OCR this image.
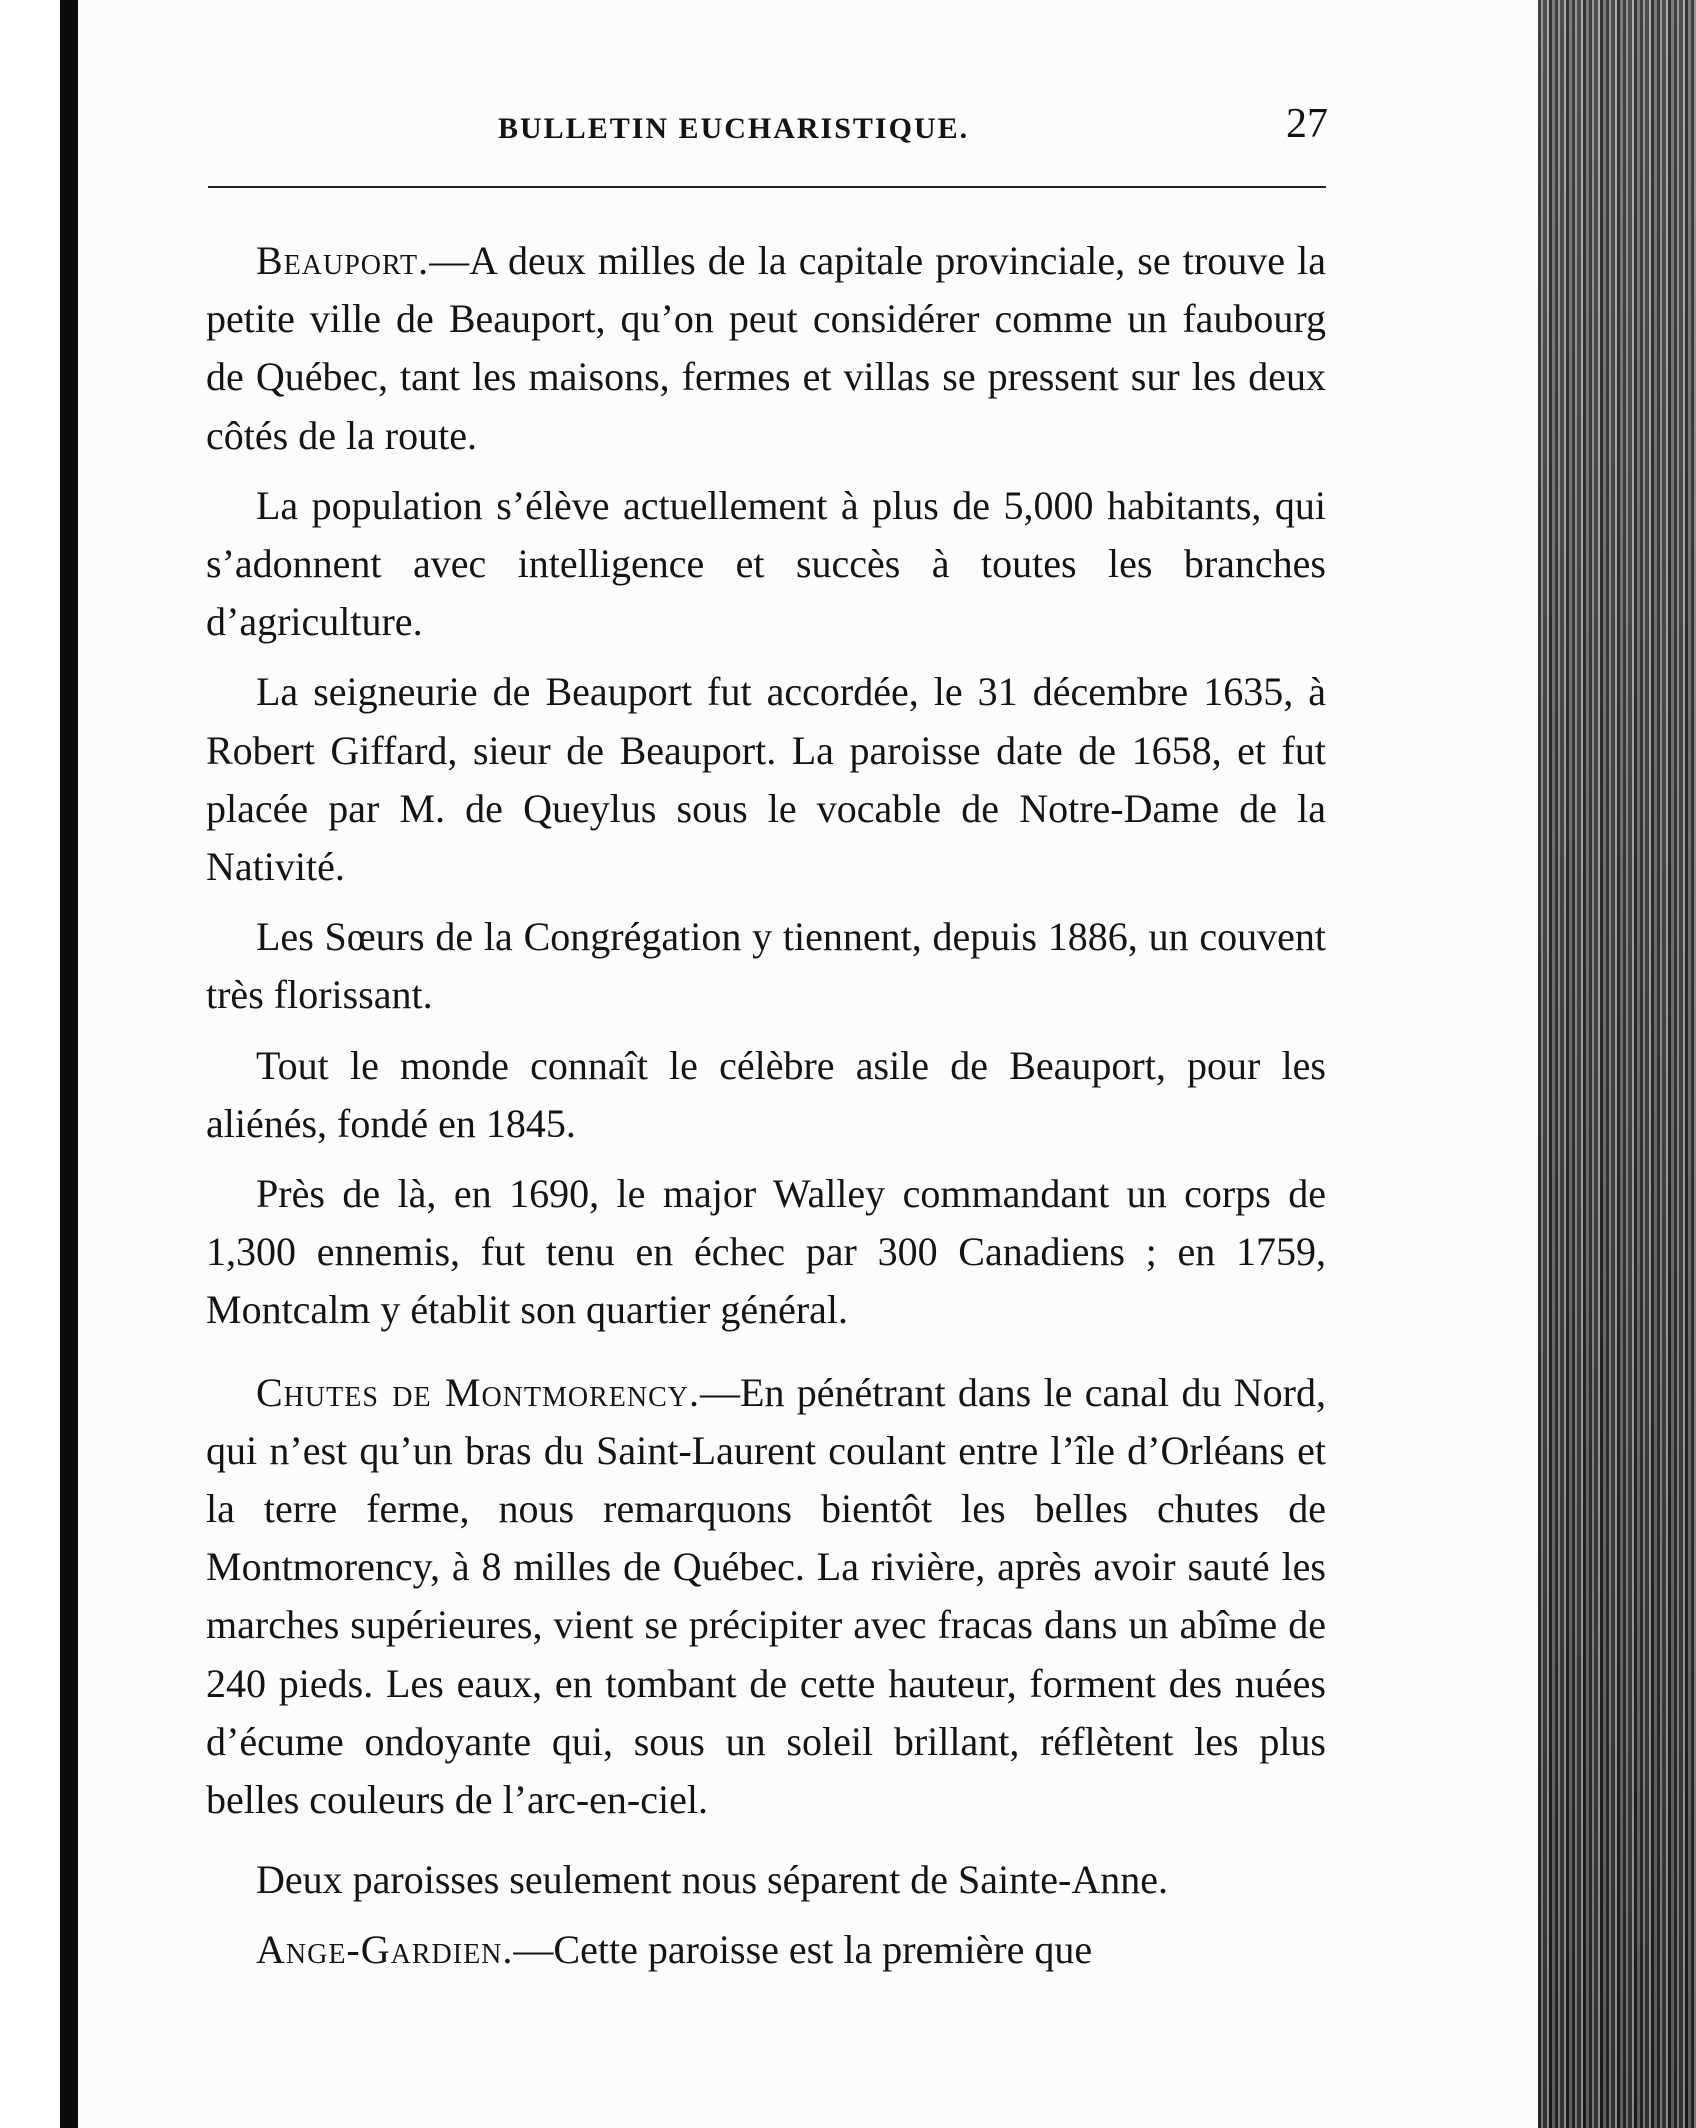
BULLETIN EUCHARISTIQUE.	27

Beauport.—A deux milles de la capitale provinciale, se trouve la petite ville de Beauport, qu’on peut considérer comme un faubourg de Québec, tant les maisons, fermes et villas se pressent sur les deux côtés de la route.

La population s’élève actuellement à plus de 5,000 habitants, qui s’adonnent avec intelligence et succès à toutes les branches d’agriculture.

La seigneurie de Beauport fut accordée, le 31 décembre 1635, à Robert Giffard, sieur de Beauport. La paroisse date de 1658, et fut placée par M. de Queylus sous le vocable de Notre-Dame de la Nativité.

Les Sœurs de la Congrégation y tiennent, depuis 1886, un couvent très florissant.

Tout le monde connaît le célèbre asile de Beauport, pour les aliénés, fondé en 1845.

Près de là, en 1690, le major Walley commandant un corps de 1,300 ennemis, fut tenu en échec par 300 Canadiens ; en 1759, Montcalm y établit son quartier général.

Chutes de Montmorency.—En pénétrant dans le canal du Nord, qui n’est qu’un bras du Saint-Laurent coulant entre l’île d’Orléans et la terre ferme, nous remarquons bientôt les belles chutes de Montmorency, à 8 milles de Québec. La rivière, après avoir sauté les marches supérieures, vient se précipiter avec fracas dans un abîme de 240 pieds. Les eaux, en tombant de cette hauteur, forment des nuées d’écume ondoyante qui, sous un soleil brillant, réflètent les plus belles couleurs de l’arc-en-ciel.

Deux paroisses seulement nous séparent de Sainte-Anne.

Ange-Gardien.—Cette paroisse est la première que
